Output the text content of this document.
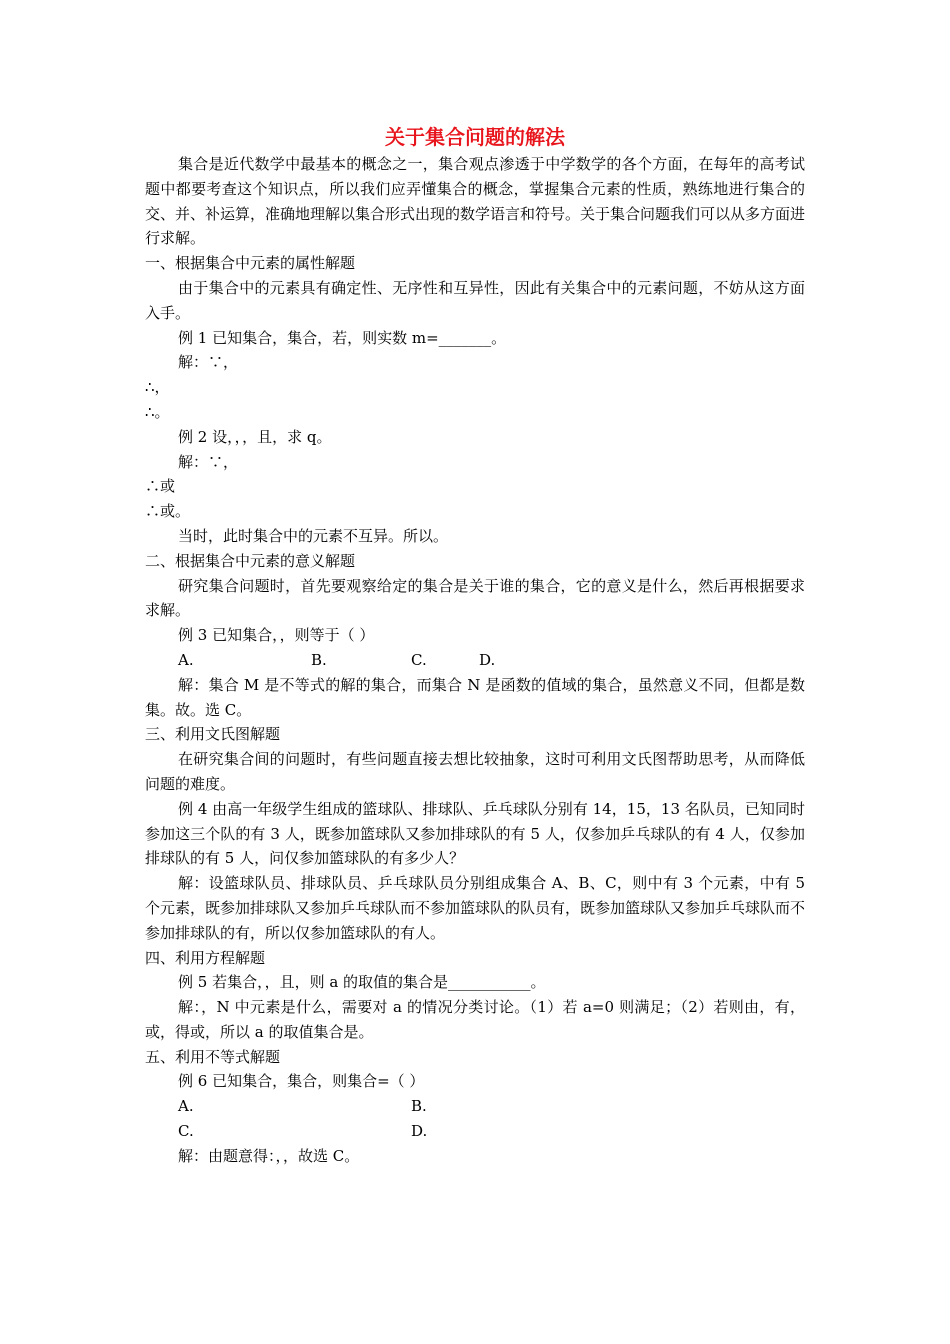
关于集合问题的解法

集合是近代数学中最基本的概念之一，集合观点渗透于中学数学的各个方面，在每年的高考试题中都要考查这个知识点，所以我们应弄懂集合的概念，掌握集合元素的性质，熟练地进行集合的交、并、补运算，准确地理解以集合形式出现的数学语言和符号。关于集合问题我们可以从多方面进行求解。

一、根据集合中元素的属性解题

由于集合中的元素具有确定性、无序性和互异性，因此有关集合中的元素问题，不妨从这方面入手。

例 1 已知集合，集合，若，则实数 m=_______。

解：∵，

∴，

∴。

例 2 设，，，且，求 q。

解：∵，

∴或

∴或。

当时，此时集合中的元素不互异。所以。

二、根据集合中元素的意义解题

研究集合问题时，首先要观察给定的集合是关于谁的集合，它的意义是什么，然后再根据要求求解。

例 3 已知集合，，则等于（ ）

A.	B.	C.	D.

解：集合 M 是不等式的解的集合，而集合 N 是函数的值域的集合，虽然意义不同，但都是数集。故。选 C。

三、利用文氏图解题

在研究集合间的问题时，有些问题直接去想比较抽象，这时可利用文氏图帮助思考，从而降低问题的难度。

例 4 由高一年级学生组成的篮球队、排球队、乒乓球队分别有 14，15，13 名队员，已知同时参加这三个队的有 3 人，既参加篮球队又参加排球队的有 5 人，仅参加乒乓球队的有 4 人，仅参加排球队的有 5 人，问仅参加篮球队的有多少人？

解：设篮球队员、排球队员、乒乓球队员分别组成集合 A、B、C，则中有 3 个元素，中有 5 个元素，既参加排球队又参加乒乓球队而不参加篮球队的队员有，既参加篮球队又参加乒乓球队而不参加排球队的有，所以仅参加篮球队的有人。

四、利用方程解题

例 5 若集合，，且，则 a 的取值的集合是___________。

解：，N 中元素是什么，需要对 a 的情况分类讨论。（1）若 a=0 则满足；（2）若则由，有，或，得或，所以 a 的取值集合是。

五、利用不等式解题

例 6 已知集合，集合，则集合=（ ）

A.	B.
C.	D.

解：由题意得：，，故选 C。
